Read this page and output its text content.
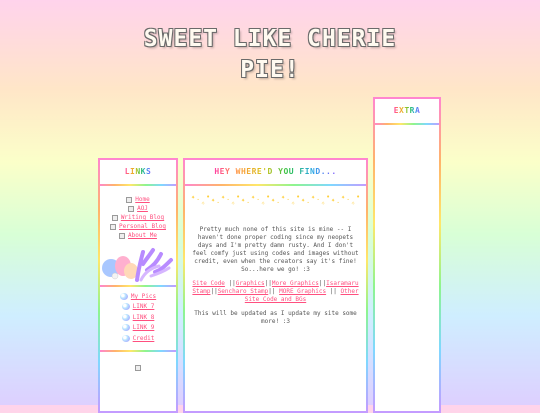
SWEET LIKE CHERIE
PIE!
EXTRA
LINKS
Home
AOJ
Writing Blog
Personal Blog
About Me
My Pics
LINK 7
LINK 8
LINK 9
Credit
HEY WHERE'D YOU FIND...
✦ · ✧
• ✦ ·
✦ · ✧
• ✦ ·
✦ · ✧
• ✦ ·
✦ · ✧
• ✦ ·
✦ · ✧
• ✦ ·
✦ · ✧
•

Pretty much none of this site is mine -- I haven't done proper coding since my neopets days and I'm pretty damn rusty. And I don't feel comfy just using codes and images without credit, even when the creators say it's fine! So...here we go! :3

Site Code ||Graphics||More Graphics||Isaramaru Stamp||Sencharo Stamp|| MORE Graphics || Other Site Code and BGs

This will be updated as I update my site some more! :3
